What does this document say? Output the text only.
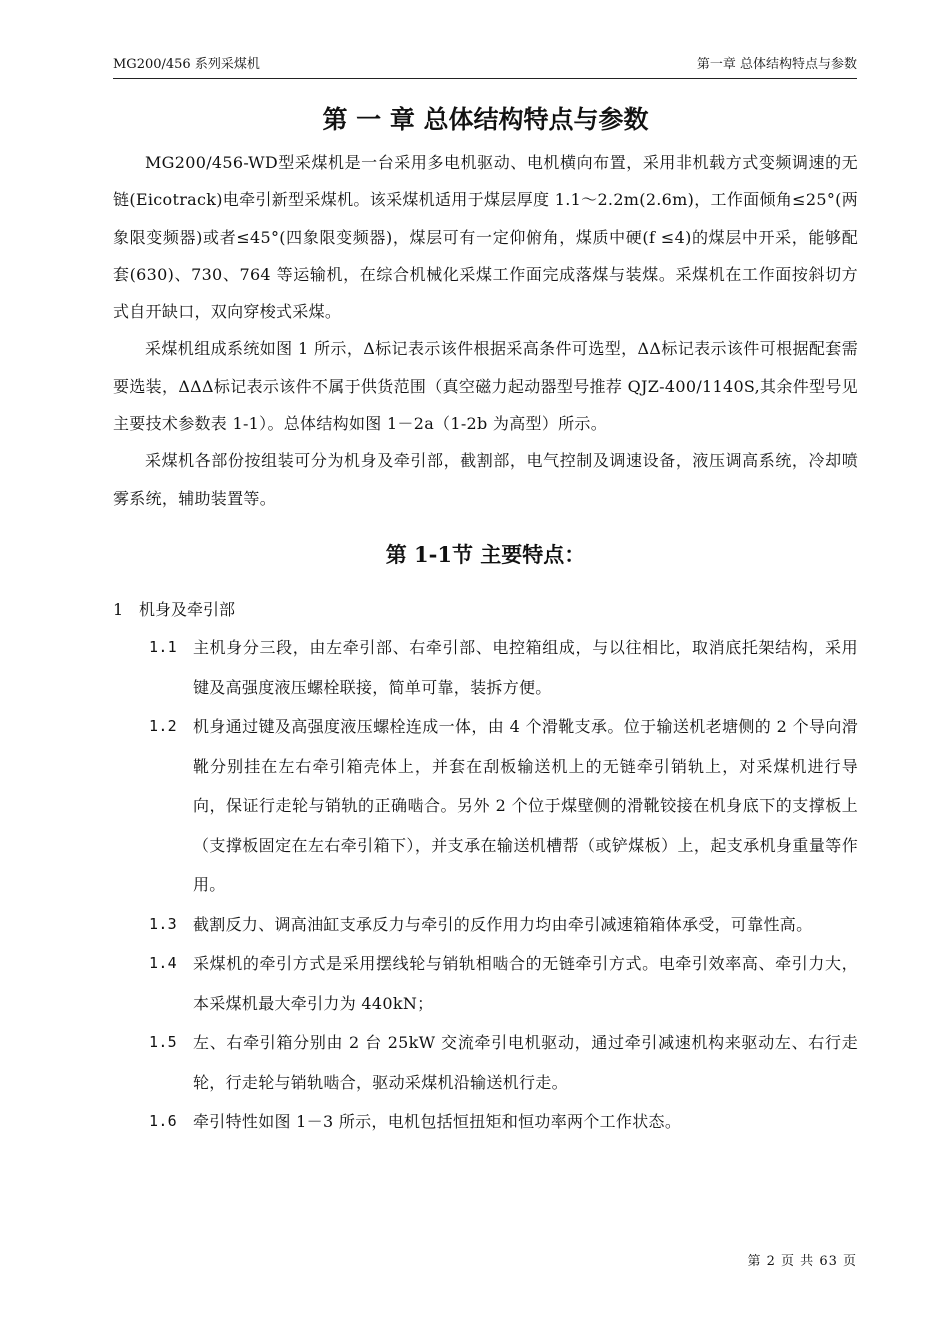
MG200/456 系列采煤机	第一章 总体结构特点与参数
第 一 章 总体结构特点与参数

MG200/456-WD型采煤机是一台采用多电机驱动、电机横向布置，采用非机载方式变频调速的无链(Eicotrack)电牵引新型采煤机。该采煤机适用于煤层厚度 1.1～2.2m(2.6m)，工作面倾角≤25°(两象限变频器)或者≤45°(四象限变频器)，煤层可有一定仰俯角，煤质中硬(f ≤4)的煤层中开采，能够配套(630)、730、764 等运输机，在综合机械化采煤工作面完成落煤与装煤。采煤机在工作面按斜切方式自开缺口，双向穿梭式采煤。

采煤机组成系统如图 1 所示，Δ标记表示该件根据采高条件可选型，ΔΔ标记表示该件可根据配套需要选装，ΔΔΔ标记表示该件不属于供货范围（真空磁力起动器型号推荐 QJZ-400/1140S,其余件型号见主要技术参数表 1-1）。总体结构如图 1－2a（1-2b 为高型）所示。

采煤机各部份按组装可分为机身及牵引部，截割部，电气控制及调速设备，液压调高系统，冷却喷雾系统，辅助装置等。

第 1-1节 主要特点：
1 机身及牵引部
1.1 主机身分三段，由左牵引部、右牵引部、电控箱组成，与以往相比，取消底托架结构，采用键及高强度液压螺栓联接，简单可靠，装拆方便。
1.2 机身通过键及高强度液压螺栓连成一体，由 4 个滑靴支承。位于输送机老塘侧的 2 个导向滑靴分别挂在左右牵引箱壳体上，并套在刮板输送机上的无链牵引销轨上，对采煤机进行导向，保证行走轮与销轨的正确啮合。另外 2 个位于煤壁侧的滑靴铰接在机身底下的支撑板上（支撑板固定在左右牵引箱下），并支承在输送机槽帮（或铲煤板）上，起支承机身重量等作用。
1.3 截割反力、调高油缸支承反力与牵引的反作用力均由牵引减速箱箱体承受，可靠性高。
1.4 采煤机的牵引方式是采用摆线轮与销轨相啮合的无链牵引方式。电牵引效率高、牵引力大，本采煤机最大牵引力为 440kN；
1.5 左、右牵引箱分别由 2 台 25kW 交流牵引电机驱动，通过牵引减速机构来驱动左、右行走轮，行走轮与销轨啮合，驱动采煤机沿输送机行走。
1.6 牵引特性如图 1－3 所示，电机包括恒扭矩和恒功率两个工作状态。
第 2 页 共 63 页
